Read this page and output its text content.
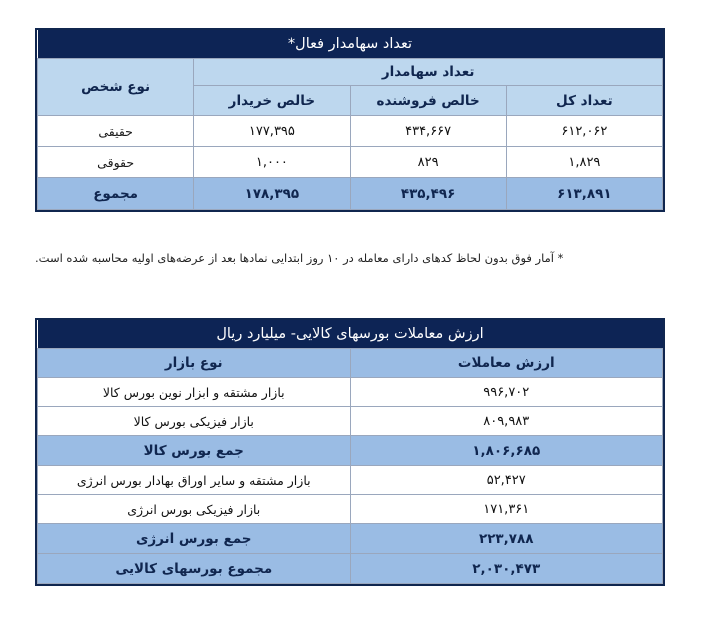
تعداد سهامدار فعال*			
تعداد سهامدار			نوع شخص
تعداد کل	خالص فروشنده	خالص خریدار	
۶۱۲,۰۶۲	۴۳۴,۶۶۷	۱۷۷,۳۹۵	حقیقی
۱,۸۲۹	۸۲۹	۱,۰۰۰	حقوقی
۶۱۳,۸۹۱	۴۳۵,۴۹۶	۱۷۸,۳۹۵	مجموع
* آمار فوق بدون لحاظ کدهای دارای معامله در ۱۰ روز ابتدایی نمادها بعد از عرضه‌های اولیه محاسبه شده است.
ارزش معاملات بورسهای کالایی- میلیارد ریال	
ارزش معاملات	نوع بازار
۹۹۶,۷۰۲	بازار مشتقه و ابزار نوین بورس کالا
۸۰۹,۹۸۳	بازار فیزیکی بورس کالا
۱,۸۰۶,۶۸۵	جمع بورس کالا
۵۲,۴۲۷	بازار مشتقه و سایر اوراق بهادار بورس انرژی
۱۷۱,۳۶۱	بازار فیزیکی بورس انرژی
۲۲۳,۷۸۸	جمع بورس انرژی
۲,۰۳۰,۴۷۳	مجموع بورسهای کالایی
